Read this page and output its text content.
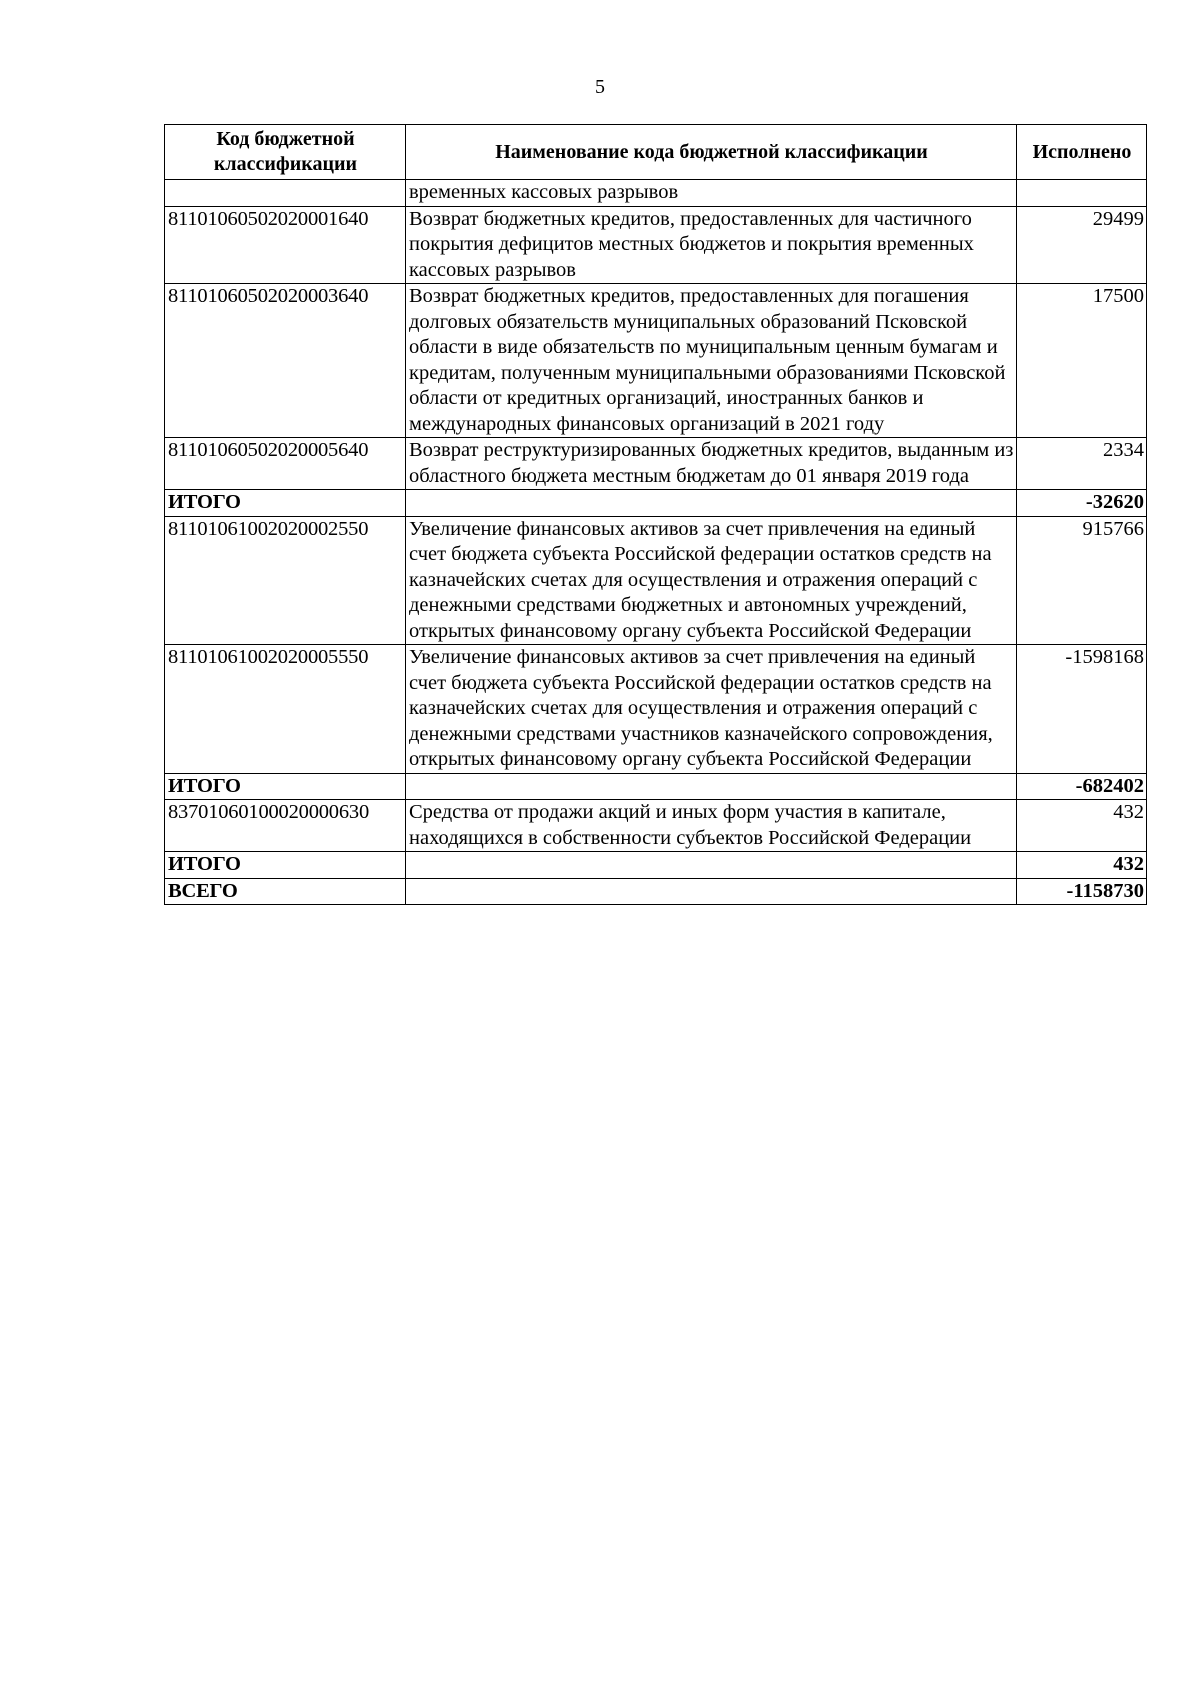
5
Код бюджетной классификации	Наименование кода бюджетной классификации	Исполнено
	временных кассовых разрывов	
81101060502020001640	Возврат бюджетных кредитов, предоставленных для частичного покрытия дефицитов местных бюджетов и покрытия временных кассовых разрывов	29499
81101060502020003640	Возврат бюджетных кредитов, предоставленных для погашения долговых обязательств муниципальных образований Псковской области в виде обязательств по муниципальным ценным бумагам и кредитам, полученным муниципальными образованиями Псковской области от кредитных организаций, иностранных банков и международных финансовых организаций в 2021 году	17500
81101060502020005640	Возврат реструктуризированных бюджетных кредитов, выданным из областного бюджета местным бюджетам до 01 января 2019 года	2334
ИТОГО		-32620
81101061002020002550	Увеличение финансовых активов за счет привлечения на единый счет бюджета субъекта Российской федерации остатков средств на казначейских счетах для осуществления и отражения операций с денежными средствами бюджетных и автономных учреждений, открытых финансовому органу субъекта Российской Федерации	915766
81101061002020005550	Увеличение финансовых активов за счет привлечения на единый счет бюджета субъекта Российской федерации остатков средств на казначейских счетах для осуществления и отражения операций с денежными средствами участников казначейского сопровождения, открытых финансовому органу субъекта Российской Федерации	-1598168
ИТОГО		-682402
83701060100020000630	Средства от продажи акций и иных форм участия в капитале, находящихся в собственности субъектов Российской Федерации	432
ИТОГО		432
ВСЕГО		-1158730
